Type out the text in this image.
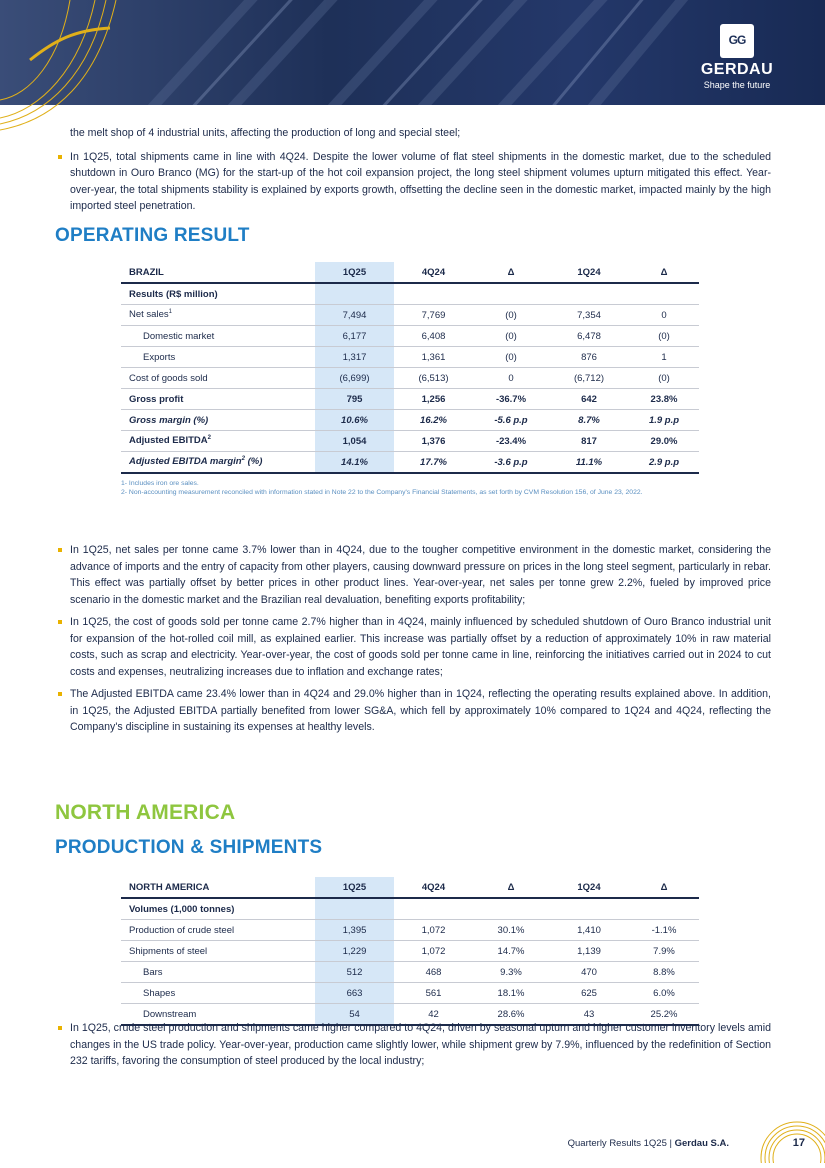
GG
GERDAU
Shape the future

the melt shop of 4 industrial units, affecting the production of long and special steel;

In 1Q25, total shipments came in line with 4Q24. Despite the lower volume of flat steel shipments in the domestic market, due to the scheduled shutdown in Ouro Branco (MG) for the start-up of the hot coil expansion project, the long steel shipment volumes upturn mitigated this effect. Year-over-year, the total shipments stability is explained by exports growth, offsetting the decline seen in the domestic market, impacted mainly by the high imported steel penetration.
OPERATING RESULT
BRAZIL	1Q25	4Q24	Δ	1Q24	Δ
Results (R$ million)					
Net sales$^1$	7,494	7,769	(0)	7,354	0
Domestic market	6,177	6,408	(0)	6,478	(0)
Exports	1,317	1,361	(0)	876	1
Cost of goods sold	(6,699)	(6,513)	0	(6,712)	(0)
Gross profit	795	1,256	-36.7%	642	23.8%
Gross margin (%)	10.6%	16.2%	-5.6 p.p	8.7%	1.9 p.p
Adjusted EBITDA$^2$	1,054	1,376	-23.4%	817	29.0%
Adjusted EBITDA margin$^2$ (%)	14.1%	17.7%	-3.6 p.p	11.1%	2.9 p.p
1- Includes iron ore sales.
2- Non-accounting measurement reconciled with information stated in Note 22 to the Company's Financial Statements, as set forth by CVM Resolution 156, of June 23, 2022.
In 1Q25, net sales per tonne came 3.7% lower than in 4Q24, due to the tougher competitive environment in the domestic market, considering the advance of imports and the entry of capacity from other players, causing downward pressure on prices in the long steel segment, particularly in rebar. This effect was partially offset by better prices in other product lines. Year-over-year, net sales per tonne grew 2.2%, fueled by improved price scenario in the domestic market and the Brazilian real devaluation, benefiting exports profitability;
In 1Q25, the cost of goods sold per tonne came 2.7% higher than in 4Q24, mainly influenced by scheduled shutdown of Ouro Branco industrial unit for expansion of the hot-rolled coil mill, as explained earlier. This increase was partially offset by a reduction of approximately 10% in raw material costs, such as scrap and electricity. Year-over-year, the cost of goods sold per tonne came in line, reinforcing the initiatives carried out in 2024 to cut costs and expenses, neutralizing increases due to inflation and exchange rates;
The Adjusted EBITDA came 23.4% lower than in 4Q24 and 29.0% higher than in 1Q24, reflecting the operating results explained above. In addition, in 1Q25, the Adjusted EBITDA partially benefited from lower SG&A, which fell by approximately 10% compared to 1Q24 and 4Q24, reflecting the Company's discipline in sustaining its expenses at healthy levels.
NORTH AMERICA
PRODUCTION & SHIPMENTS
NORTH AMERICA	1Q25	4Q24	Δ	1Q24	Δ
Volumes (1,000 tonnes)					
Production of crude steel	1,395	1,072	30.1%	1,410	-1.1%
Shipments of steel	1,229	1,072	14.7%	1,139	7.9%
Bars	512	468	9.3%	470	8.8%
Shapes	663	561	18.1%	625	6.0%
Downstream	54	42	28.6%	43	25.2%
In 1Q25, crude steel production and shipments came higher compared to 4Q24, driven by seasonal upturn and higher customer inventory levels amid changes in the US trade policy. Year-over-year, production came slightly lower, while shipment grew by 7.9%, influenced by the redefinition of Section 232 tariffs, favoring the consumption of steel produced by the local industry;
Quarterly Results 1Q25 | Gerdau S.A.	17
